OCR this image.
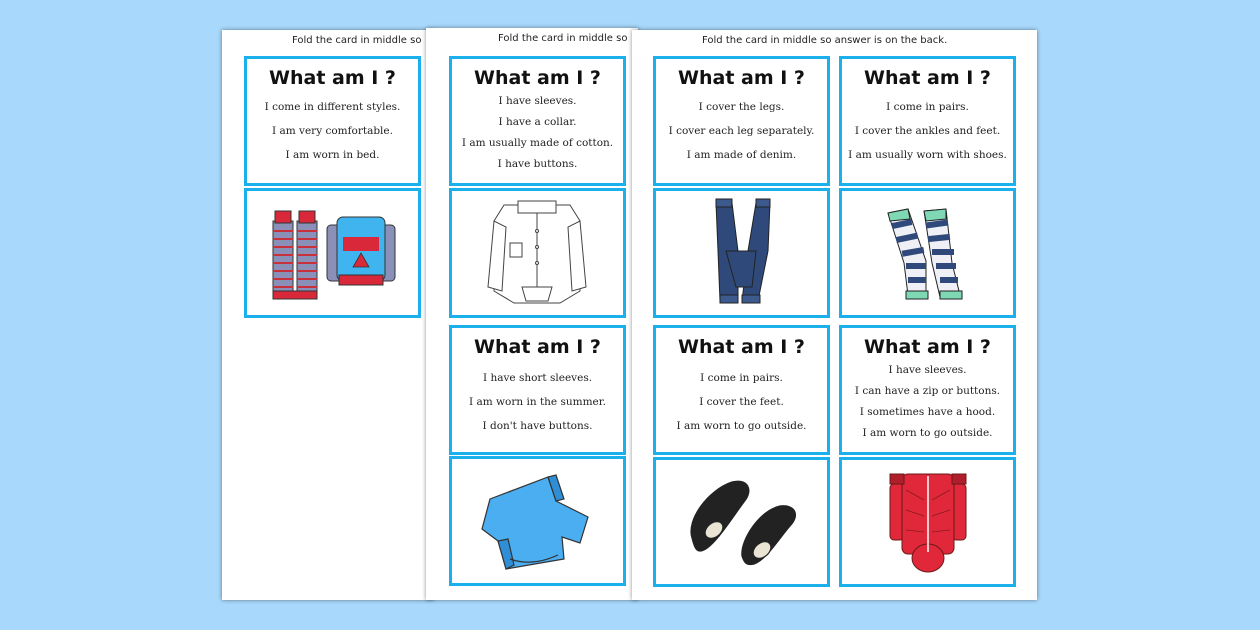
Fold the card in middle so
What am I ?
I come in different styles.
I am very comfortable.
I am worn in bed.
Fold the card in middle so
What am I ?
I have sleeves.
I have a collar.
I am usually made of cotton.
I have buttons.
What am I ?
I have short sleeves.
I am worn in the summer.
I don't have buttons.
Fold the card in middle so answer is on the back.
What am I ?
I cover the legs.
I cover each leg separately.
I am made of denim.
What am I ?
I come in pairs.
I cover the ankles and feet.
I am usually worn with shoes.
What am I ?
I come in pairs.
I cover the feet.
I am worn to go outside.
What am I ?
I have sleeves.
I can have a zip or buttons.
I sometimes have a hood.
I am worn to go outside.
